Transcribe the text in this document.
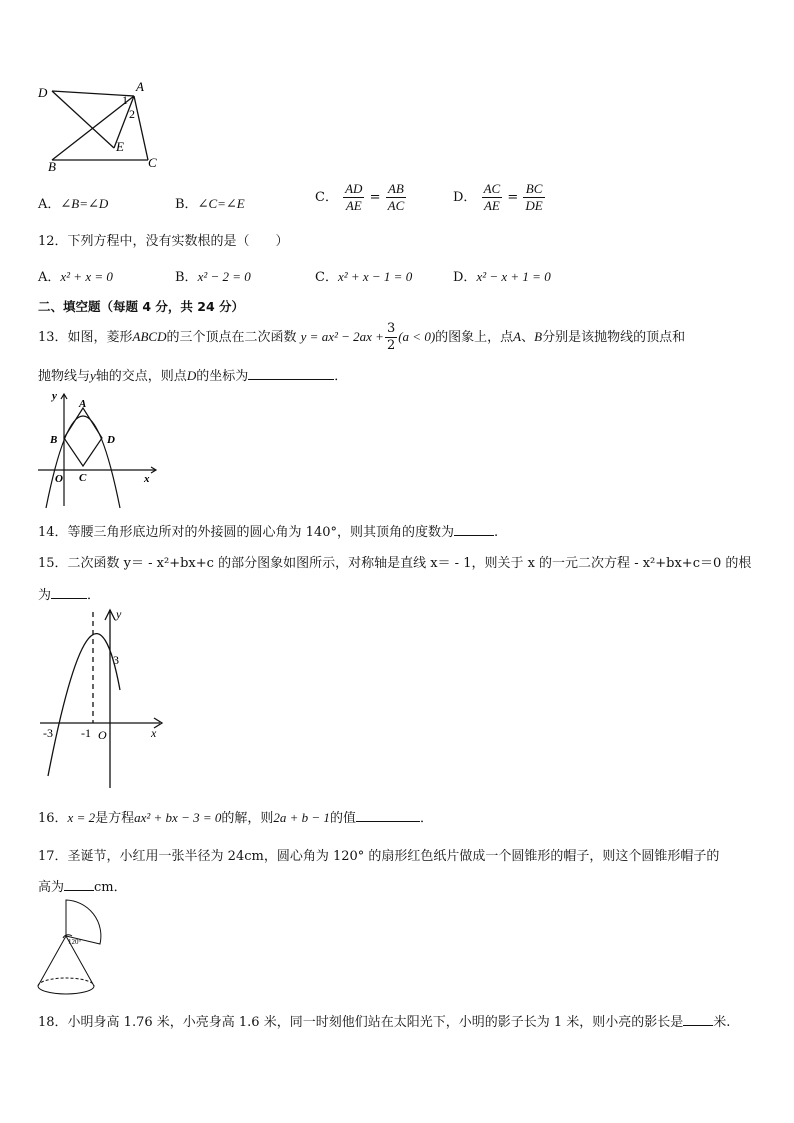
D	A
1
2
E
B	C
A．∠B=∠D	B．∠C=∠E	C． $\frac{AD}{AE} = \frac{AB}{AC}$	D． $\frac{AC}{AE} = \frac{BC}{DE}$
12．下列方程中，没有实数根的是（　　）
A．x² + x = 0	B．x² − 2 = 0	C．x² + x − 1 = 0	D．x² − x + 1 = 0
二、填空题（每题 4 分，共 24 分）
13．如图，菱形ABCD的三个顶点在二次函数 $y = ax^2 - 2ax + \frac{3}{2} (a < 0)$的图象上，点A、B分别是该抛物线的顶点和
抛物线与y轴的交点，则点D的坐标为	．
y
A
B	D
O C	x
14．等腰三角形底边所对的外接圆的圆心角为 140°，则其顶角的度数为	.
15．二次函数 y＝ - x²+bx+c 的部分图象如图所示，对称轴是直线 x＝ - 1，则关于 x 的一元二次方程 - x²+bx+c＝0 的根
为	．
y
3
-3 -1 O	x
16．x = 2是方程ax² + bx − 3 = 0的解，则2a + b − 1的值	．
17．圣诞节，小红用一张半径为 24cm，圆心角为 120° 的扇形红色纸片做成一个圆锥形的帽子，则这个圆锥形帽子的
高为 cm．
120°
18．小明身高 1.76 米，小亮身高 1.6 米，同一时刻他们站在太阳光下，小明的影子长为 1 米，则小亮的影长是 米.
